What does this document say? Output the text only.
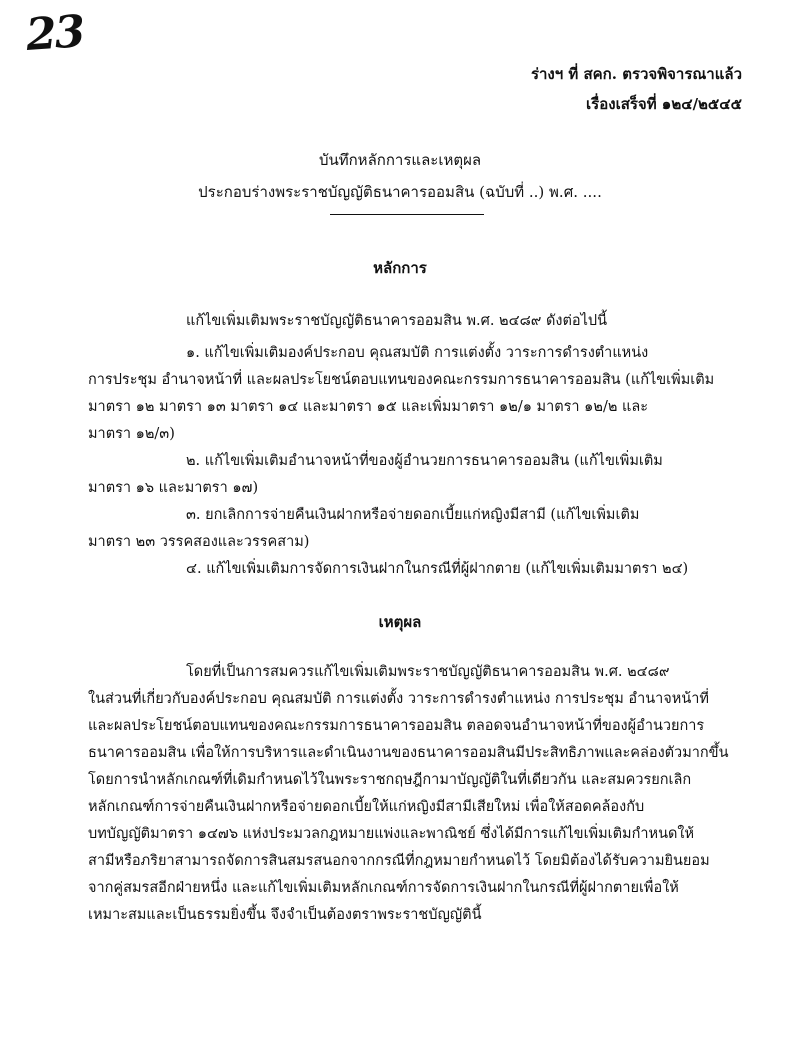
23
ร่างฯ ที่ สคก. ตรวจพิจารณาแล้ว
เรื่องเสร็จที่ ๑๒๔/๒๕๔๕
บันทึกหลักการและเหตุผล
ประกอบร่างพระราชบัญญัติธนาคารออมสิน (ฉบับที่ ..) พ.ศ. ....
หลักการ
แก้ไขเพิ่มเติมพระราชบัญญัติธนาคารออมสิน พ.ศ. ๒๔๘๙ ดังต่อไปนี้
๑. แก้ไขเพิ่มเติมองค์ประกอบ คุณสมบัติ การแต่งตั้ง วาระการดำรงตำแหน่ง
การประชุม อำนาจหน้าที่ และผลประโยชน์ตอบแทนของคณะกรรมการธนาคารออมสิน (แก้ไขเพิ่มเติม
มาตรา ๑๒ มาตรา ๑๓ มาตรา ๑๔ และมาตรา ๑๕ และเพิ่มมาตรา ๑๒/๑ มาตรา ๑๒/๒ และ
มาตรา ๑๒/๓)
๒. แก้ไขเพิ่มเติมอำนาจหน้าที่ของผู้อำนวยการธนาคารออมสิน (แก้ไขเพิ่มเติม
มาตรา ๑๖ และมาตรา ๑๗)
๓. ยกเลิกการจ่ายคืนเงินฝากหรือจ่ายดอกเบี้ยแก่หญิงมีสามี (แก้ไขเพิ่มเติม
มาตรา ๒๓ วรรคสองและวรรคสาม)
๔. แก้ไขเพิ่มเติมการจัดการเงินฝากในกรณีที่ผู้ฝากตาย (แก้ไขเพิ่มเติมมาตรา ๒๔)
เหตุผล
โดยที่เป็นการสมควรแก้ไขเพิ่มเติมพระราชบัญญัติธนาคารออมสิน พ.ศ. ๒๔๘๙
ในส่วนที่เกี่ยวกับองค์ประกอบ คุณสมบัติ การแต่งตั้ง วาระการดำรงตำแหน่ง การประชุม อำนาจหน้าที่
และผลประโยชน์ตอบแทนของคณะกรรมการธนาคารออมสิน ตลอดจนอำนาจหน้าที่ของผู้อำนวยการ
ธนาคารออมสิน เพื่อให้การบริหารและดำเนินงานของธนาคารออมสินมีประสิทธิภาพและคล่องตัวมากขึ้น
โดยการนำหลักเกณฑ์ที่เดิมกำหนดไว้ในพระราชกฤษฎีกามาบัญญัติในที่เดียวกัน และสมควรยกเลิก
หลักเกณฑ์การจ่ายคืนเงินฝากหรือจ่ายดอกเบี้ยให้แก่หญิงมีสามีเสียใหม่ เพื่อให้สอดคล้องกับ
บทบัญญัติมาตรา ๑๔๗๖ แห่งประมวลกฎหมายแพ่งและพาณิชย์ ซึ่งได้มีการแก้ไขเพิ่มเติมกำหนดให้
สามีหรือภริยาสามารถจัดการสินสมรสนอกจากกรณีที่กฎหมายกำหนดไว้ โดยมิต้องได้รับความยินยอม
จากคู่สมรสอีกฝ่ายหนึ่ง และแก้ไขเพิ่มเติมหลักเกณฑ์การจัดการเงินฝากในกรณีที่ผู้ฝากตายเพื่อให้
เหมาะสมและเป็นธรรมยิ่งขึ้น จึงจำเป็นต้องตราพระราชบัญญัตินี้
